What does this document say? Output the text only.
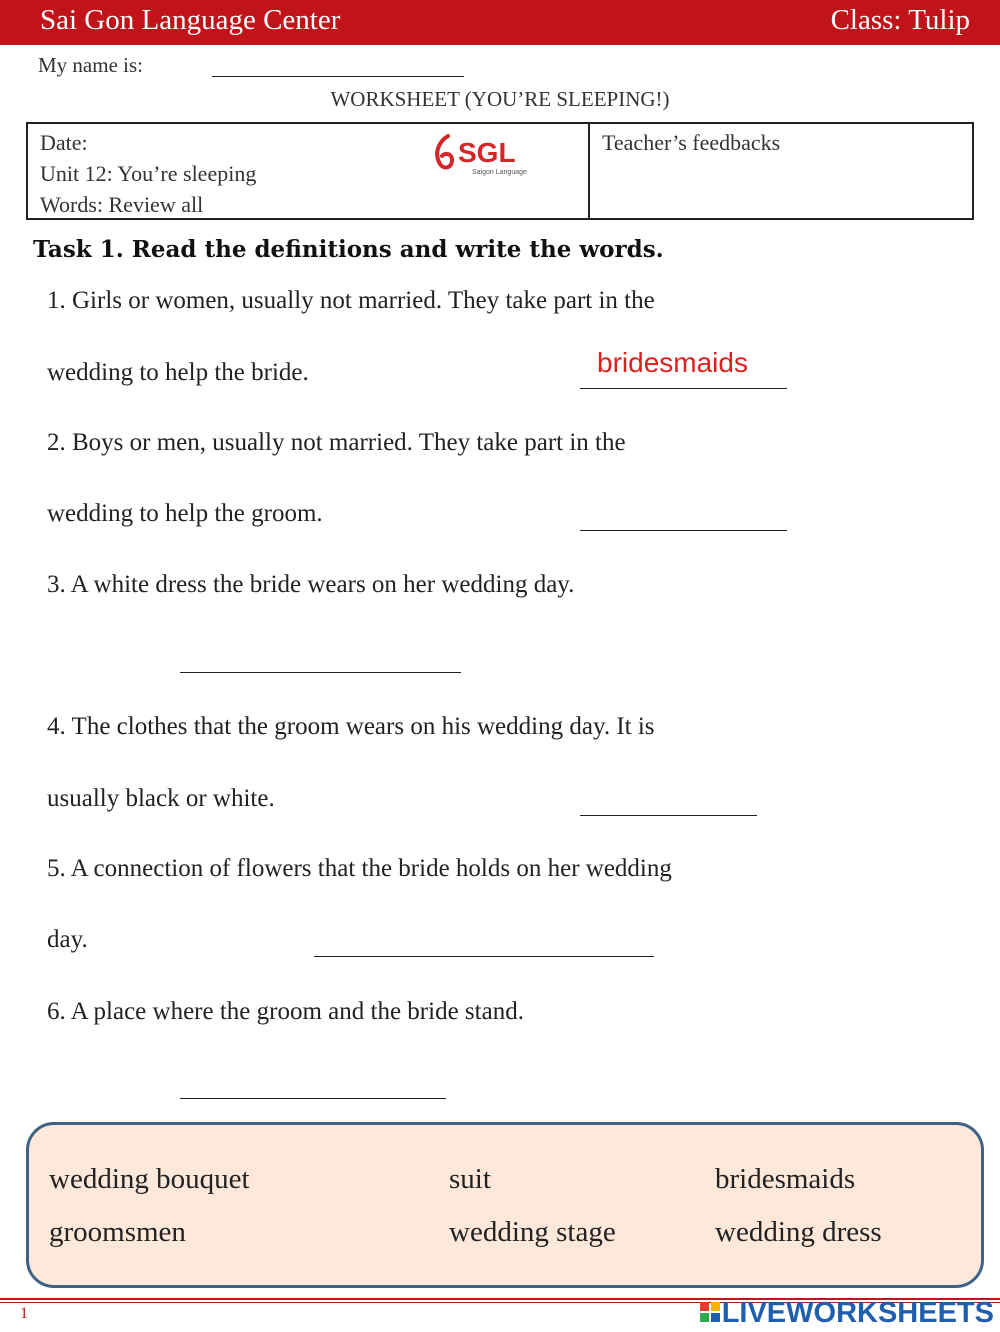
Sai Gon Language Center	Class: Tulip
My name is:
WORKSHEET (YOU’RE SLEEPING!)
Date:
Unit 12: You’re sleeping
Words: Review all
SGL
Saigon Language
Teacher’s feedbacks
Task 1. Read the definitions and write the words.
1. Girls or women, usually not married. They take part in the
wedding to help the bride.	bridesmaids
2. Boys or men, usually not married. They take part in the
wedding to help the groom.
3. A white dress the bride wears on her wedding day.
4. The clothes that the groom wears on his wedding day. It is
usually black or white.
5. A connection of flowers that the bride holds on her wedding
day.
6. A place where the groom and the bride stand.
wedding bouquet	suit	bridesmaids
groomsmen	wedding stage	wedding dress
1	LIVEWORKSHEETS
